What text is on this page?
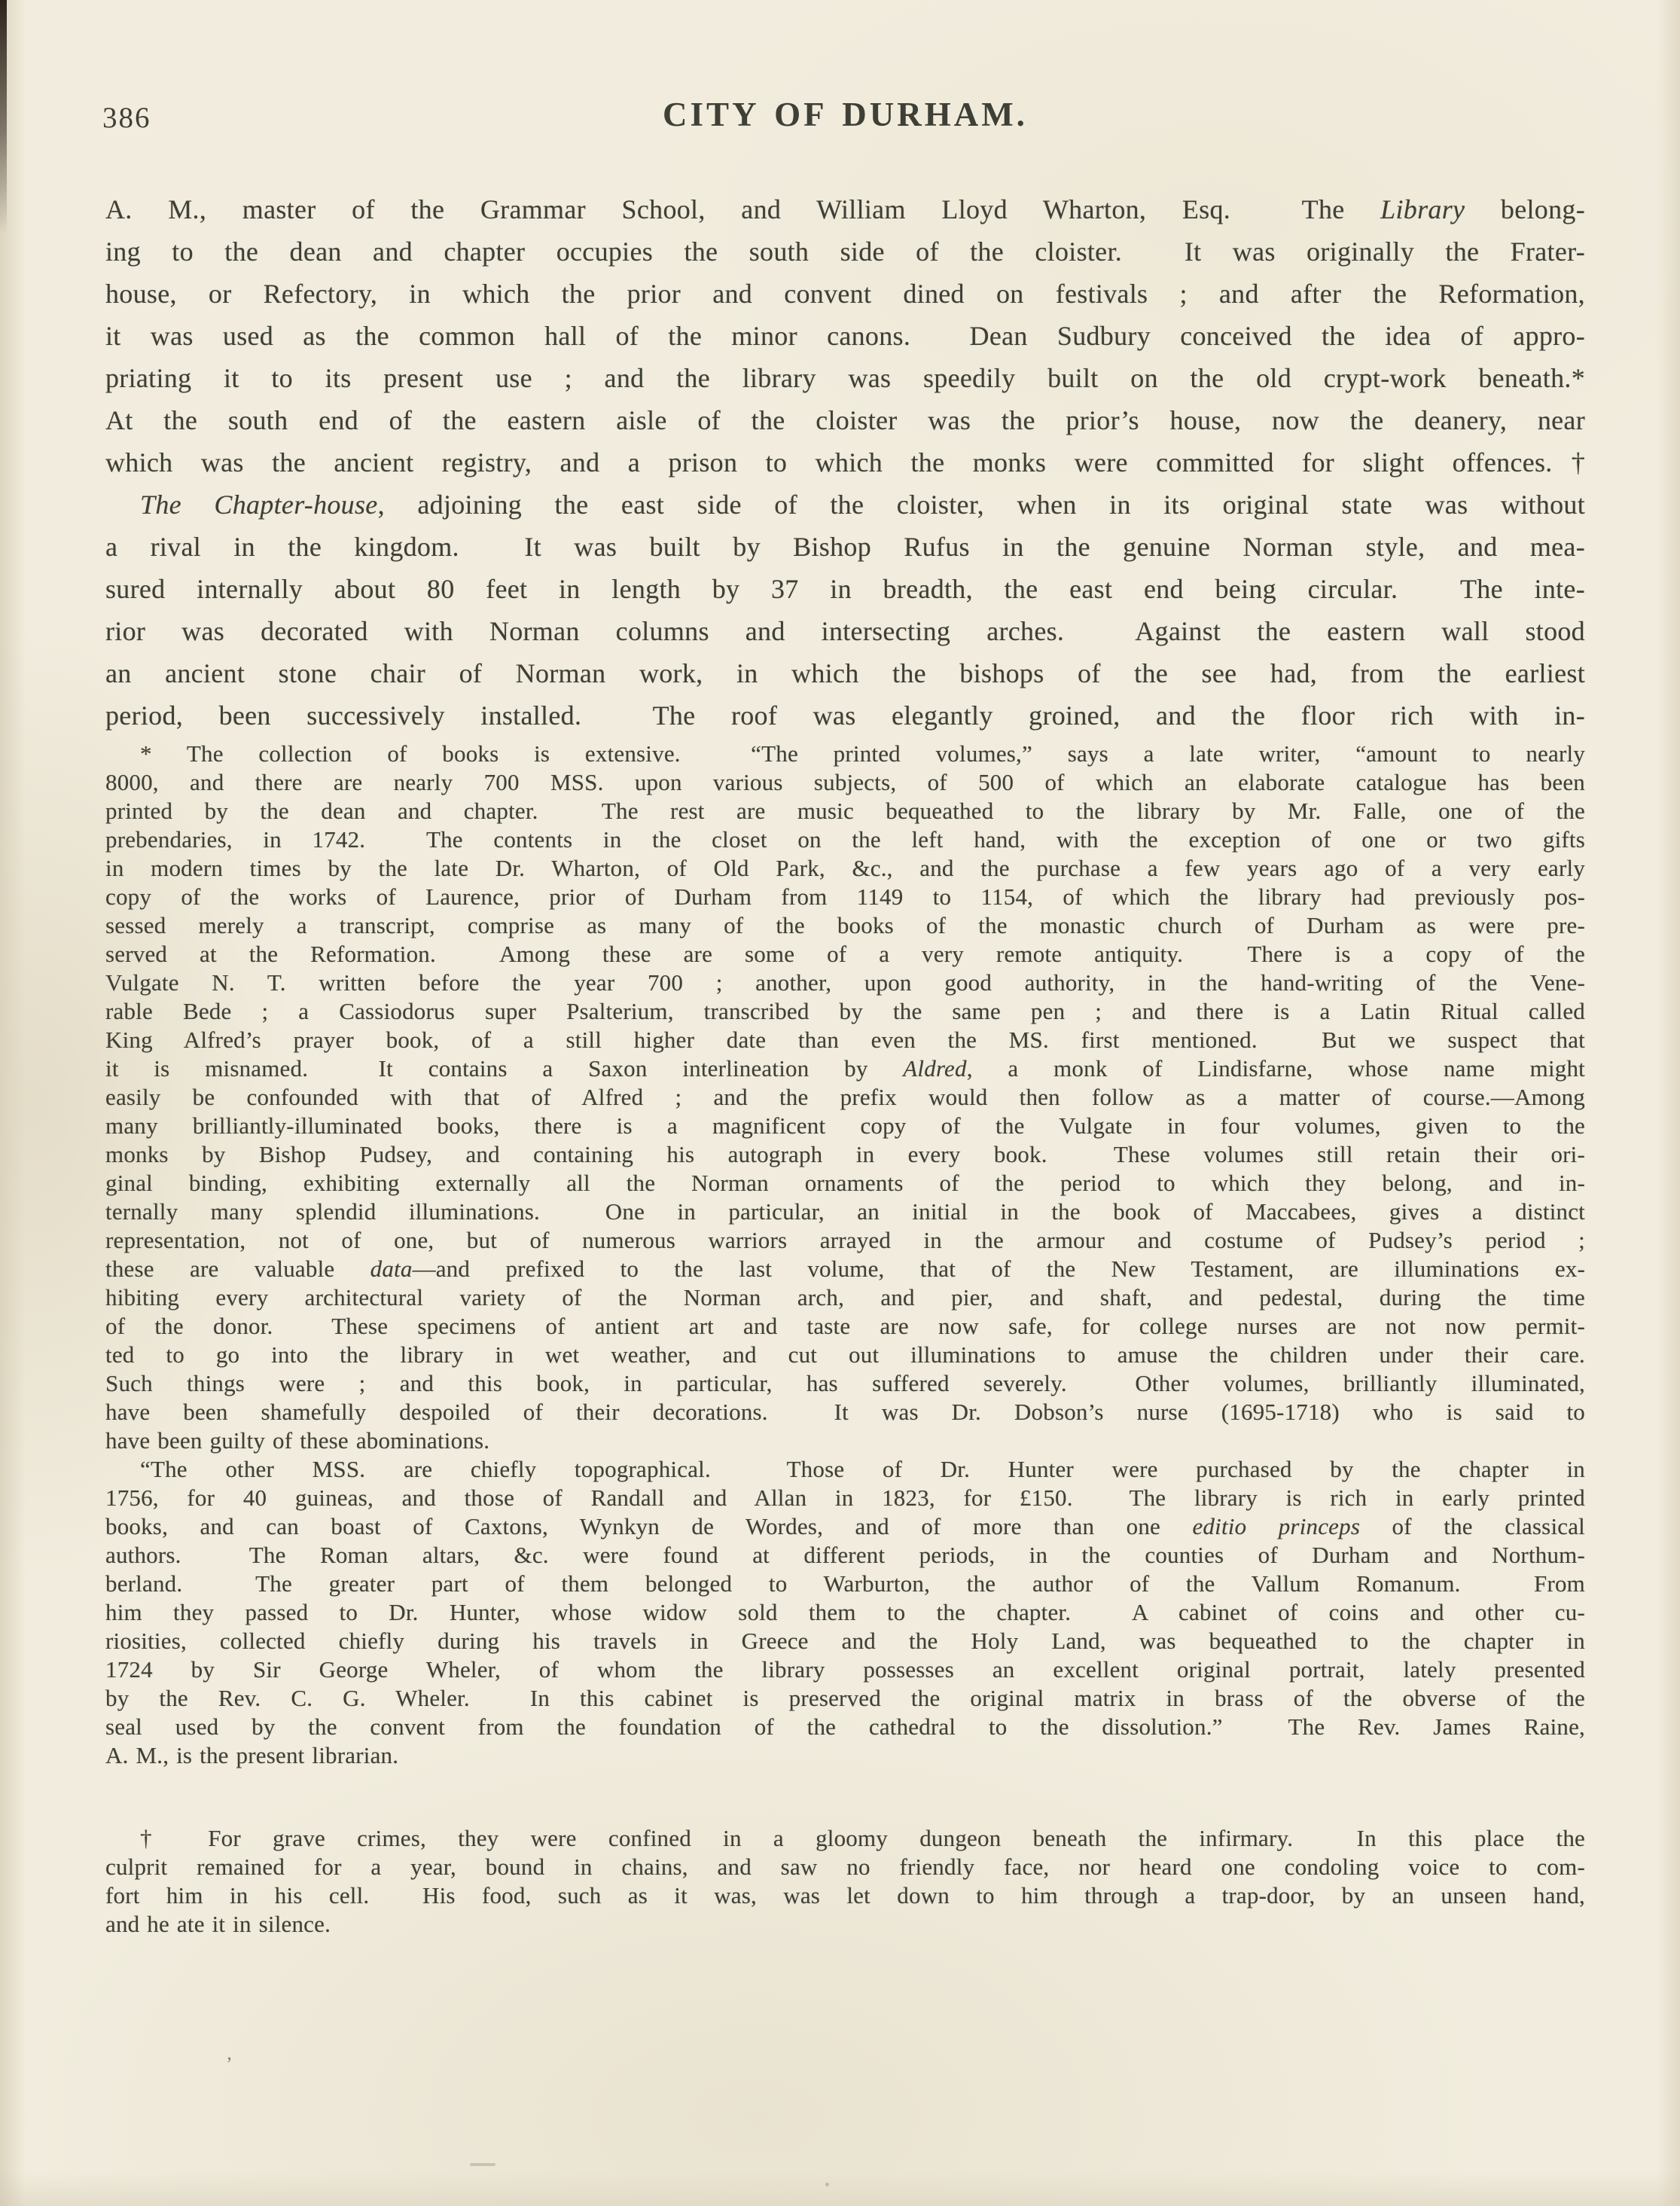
386	CITY OF DURHAM.
A. M., master of the Grammar School, and William Lloyd Wharton, Esq.  The Library belong-
ing to the dean and chapter occupies the south side of the cloister.  It was originally the Frater-
house, or Refectory, in which the prior and convent dined on festivals ; and after the Reformation,
it was used as the common hall of the minor canons.  Dean Sudbury conceived the idea of appro-
priating it to its present use ; and the library was speedily built on the old crypt-work beneath.*
At the south end of the eastern aisle of the cloister was the prior’s house, now the deanery, near
which was the ancient registry, and a prison to which the monks were committed for slight offences.†
The Chapter-house, adjoining the east side of the cloister, when in its original state was without
a rival in the kingdom.  It was built by Bishop Rufus in the genuine Norman style, and mea-
sured internally about 80 feet in length by 37 in breadth, the east end being circular.  The inte-
rior was decorated with Norman columns and intersecting arches.  Against the eastern wall stood
an ancient stone chair of Norman work, in which the bishops of the see had, from the earliest
period, been successively installed.  The roof was elegantly groined, and the floor rich with in-
* The collection of books is extensive.  “The printed volumes,” says a late writer, “amount to nearly
8000, and there are nearly 700 MSS. upon various subjects, of 500 of which an elaborate catalogue has been
printed by the dean and chapter.  The rest are music bequeathed to the library by Mr. Falle, one of the
prebendaries, in 1742.  The contents in the closet on the left hand, with the exception of one or two gifts
in modern times by the late Dr. Wharton, of Old Park, &c., and the purchase a few years ago of a very early
copy of the works of Laurence, prior of Durham from 1149 to 1154, of which the library had previously pos-
sessed merely a transcript, comprise as many of the books of the monastic church of Durham as were pre-
served at the Reformation.  Among these are some of a very remote antiquity.  There is a copy of the
Vulgate N. T. written before the year 700 ; another, upon good authority, in the hand-writing of the Vene-
rable Bede ; a Cassiodorus super Psalterium, transcribed by the same pen ; and there is a Latin Ritual called
King Alfred’s prayer book, of a still higher date than even the MS. first mentioned.  But we suspect that
it is misnamed.  It contains a Saxon interlineation by Aldred, a monk of Lindisfarne, whose name might
easily be confounded with that of Alfred ; and the prefix would then follow as a matter of course.—Among
many brilliantly-illuminated books, there is a magnificent copy of the Vulgate in four volumes, given to the
monks by Bishop Pudsey, and containing his autograph in every book.  These volumes still retain their ori-
ginal binding, exhibiting externally all the Norman ornaments of the period to which they belong, and in-
ternally many splendid illuminations.  One in particular, an initial in the book of Maccabees, gives a distinct
representation, not of one, but of numerous warriors arrayed in the armour and costume of Pudsey’s period ;
these are valuable data—and prefixed to the last volume, that of the New Testament, are illuminations ex-
hibiting every architectural variety of the Norman arch, and pier, and shaft, and pedestal, during the time
of the donor.  These specimens of antient art and taste are now safe, for college nurses are not now permit-
ted to go into the library in wet weather, and cut out illuminations to amuse the children under their care.
Such things were ; and this book, in particular, has suffered severely.  Other volumes, brilliantly illuminated,
have been shamefully despoiled of their decorations.  It was Dr. Dobson’s nurse (1695-1718) who is said to
have been guilty of these abominations.
“The other MSS. are chiefly topographical.  Those of Dr. Hunter were purchased by the chapter in
1756, for 40 guineas, and those of Randall and Allan in 1823, for £150.  The library is rich in early printed
books, and can boast of Caxtons, Wynkyn de Wordes, and of more than one editio princeps of the classical
authors.  The Roman altars, &c. were found at different periods, in the counties of Durham and Northum-
berland.  The greater part of them belonged to Warburton, the author of the Vallum Romanum.  From
him they passed to Dr. Hunter, whose widow sold them to the chapter.  A cabinet of coins and other cu-
riosities, collected chiefly during his travels in Greece and the Holy Land, was bequeathed to the chapter in
1724 by Sir George Wheler, of whom the library possesses an excellent original portrait, lately presented
by the Rev. C. G. Wheler.  In this cabinet is preserved the original matrix in brass of the obverse of the
seal used by the convent from the foundation of the cathedral to the dissolution.”  The Rev. James Raine,
A. M., is the present librarian.
† For grave crimes, they were confined in a gloomy dungeon beneath the infirmary.  In this place the
culprit remained for a year, bound in chains, and saw no friendly face, nor heard one condoling voice to com-
fort him in his cell.  His food, such as it was, was let down to him through a trap-door, by an unseen hand,
and he ate it in silence.
’
